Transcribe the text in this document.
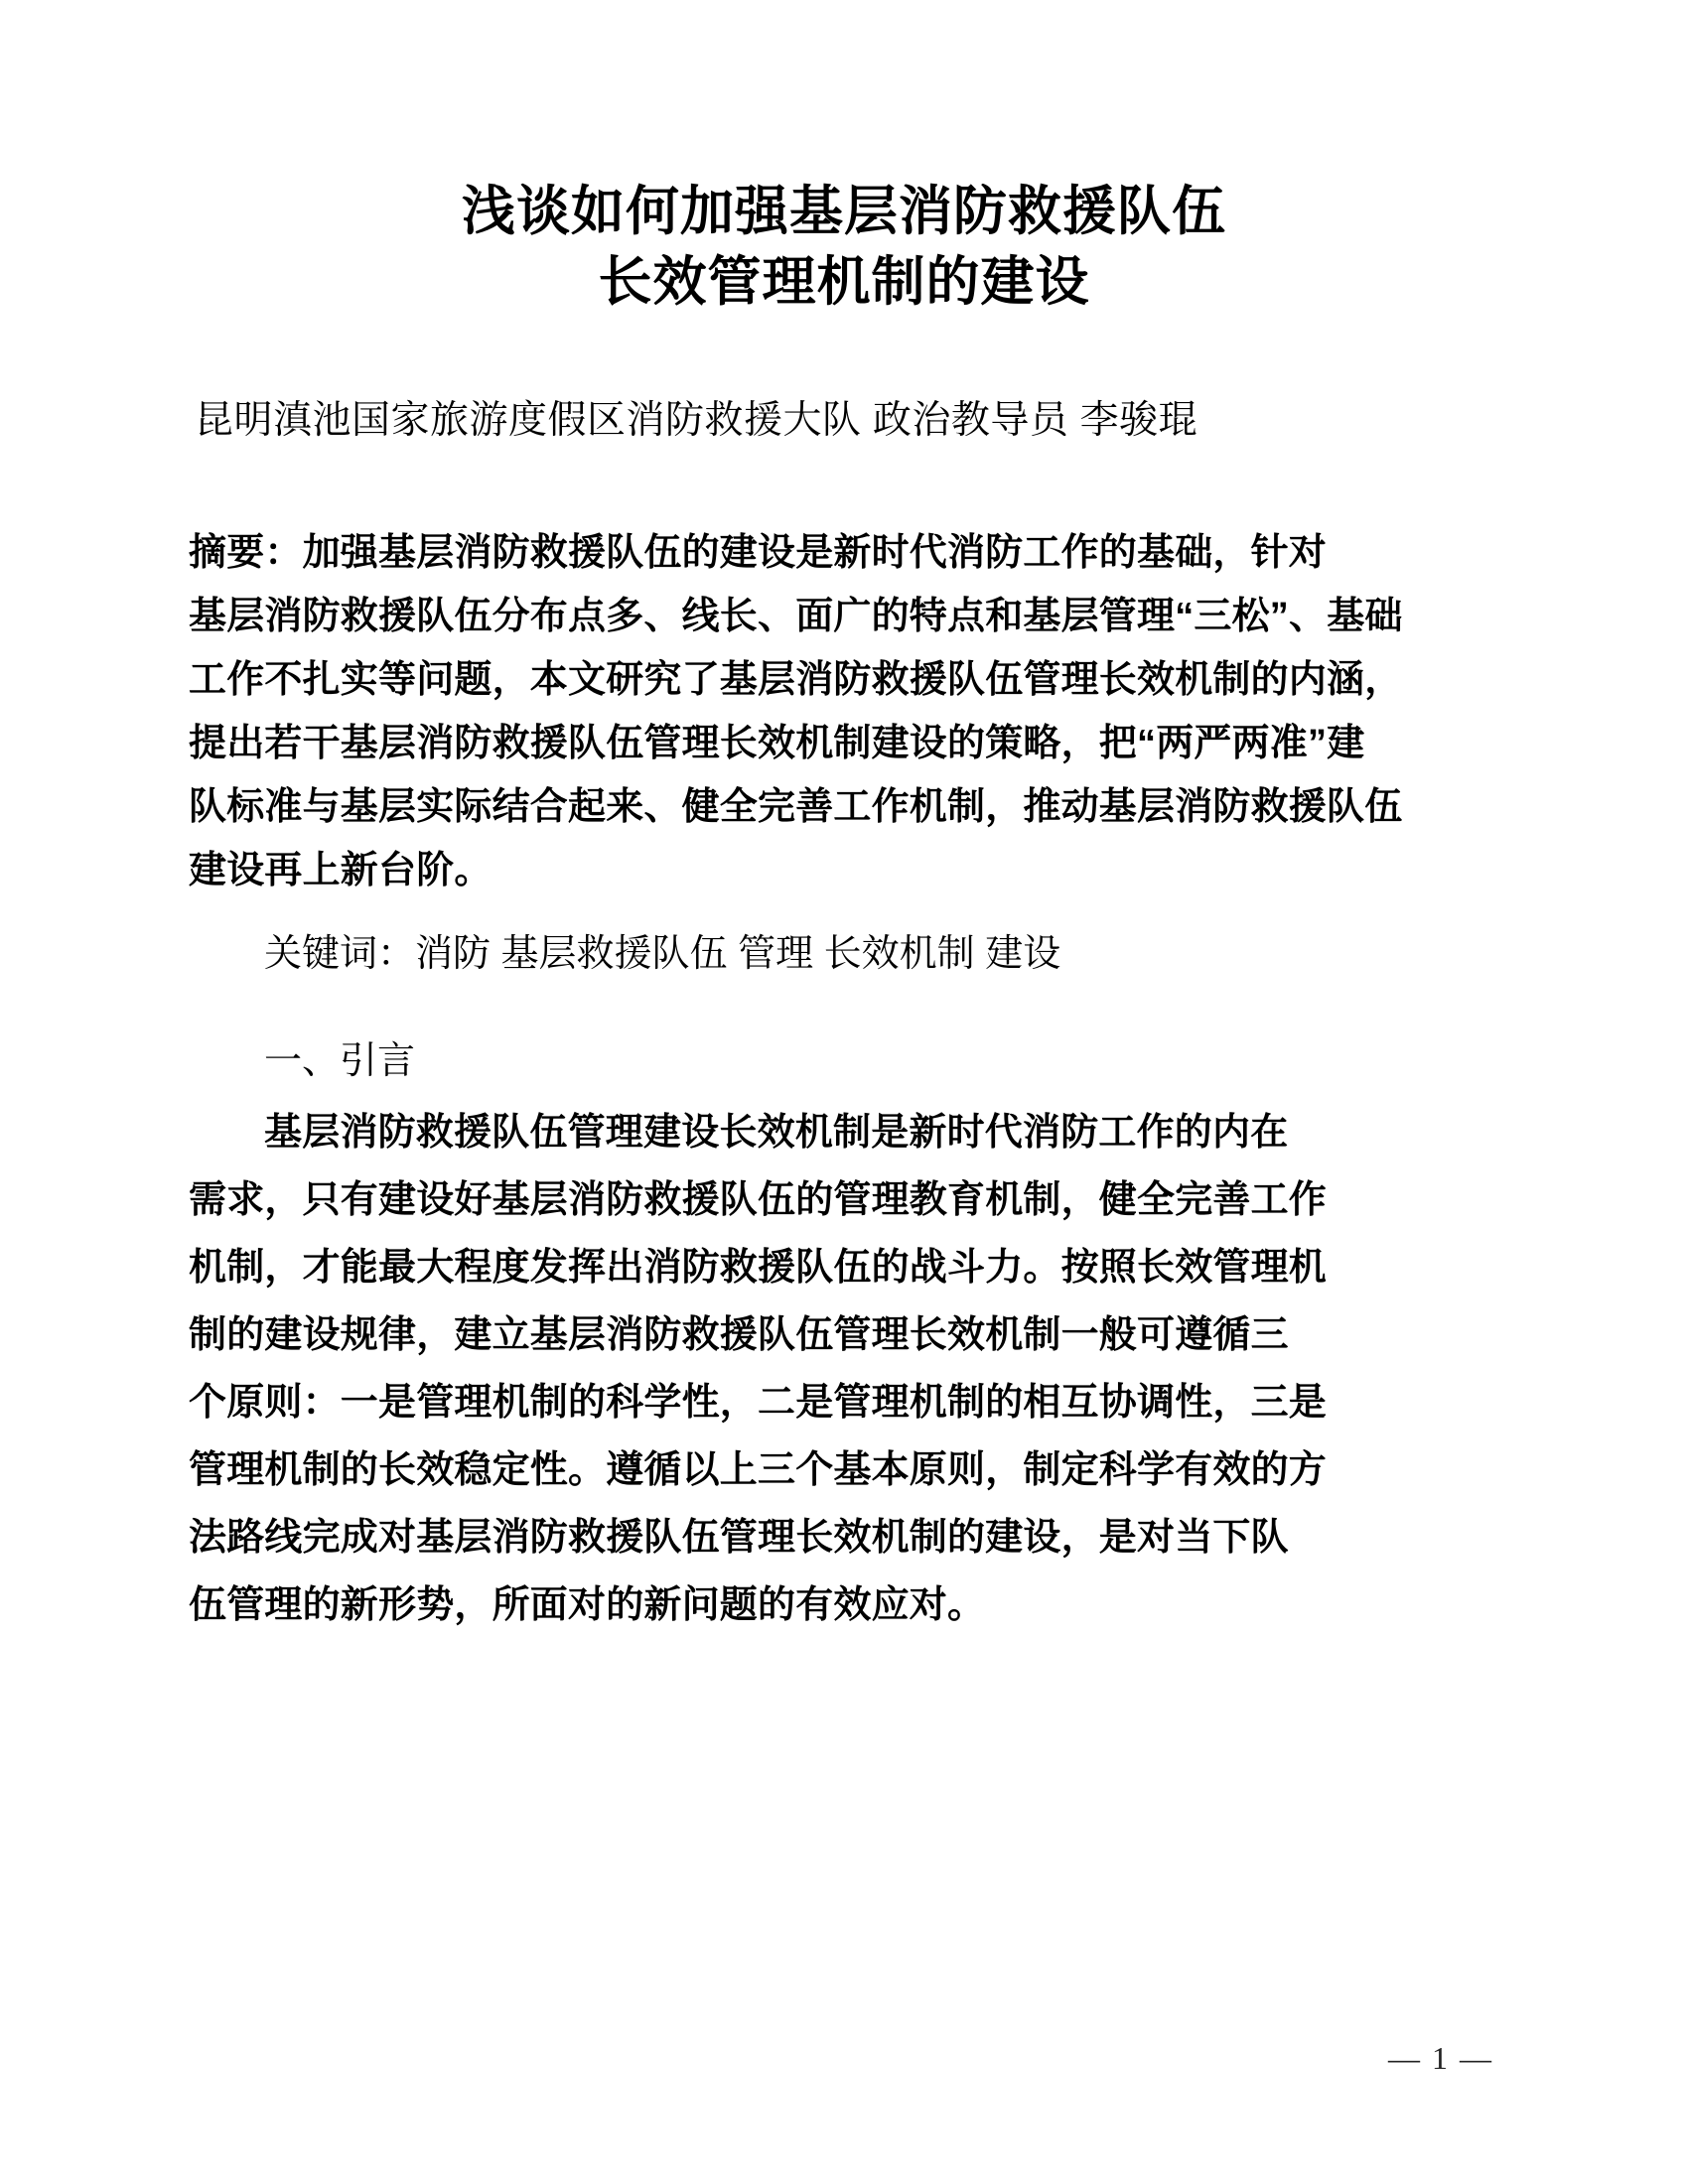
浅谈如何加强基层消防救援队伍
长效管理机制的建设
昆明滇池国家旅游度假区消防救援大队 政治教导员 李骏琨
摘要：加强基层消防救援队伍的建设是新时代消防工作的基础，针对
基层消防救援队伍分布点多、线长、面广的特点和基层管理“三松”、基础
工作不扎实等问题，本文研究了基层消防救援队伍管理长效机制的内涵，
提出若干基层消防救援队伍管理长效机制建设的策略，把“两严两准”建
队标准与基层实际结合起来、健全完善工作机制，推动基层消防救援队伍
建设再上新台阶。
关键词：消防 基层救援队伍 管理 长效机制 建设
一、引言
基层消防救援队伍管理建设长效机制是新时代消防工作的内在
需求，只有建设好基层消防救援队伍的管理教育机制，健全完善工作
机制，才能最大程度发挥出消防救援队伍的战斗力。按照长效管理机
制的建设规律，建立基层消防救援队伍管理长效机制一般可遵循三
个原则：一是管理机制的科学性，二是管理机制的相互协调性，三是
管理机制的长效稳定性。遵循以上三个基本原则，制定科学有效的方
法路线完成对基层消防救援队伍管理长效机制的建设，是对当下队
伍管理的新形势，所面对的新问题的有效应对。
— 1 —
